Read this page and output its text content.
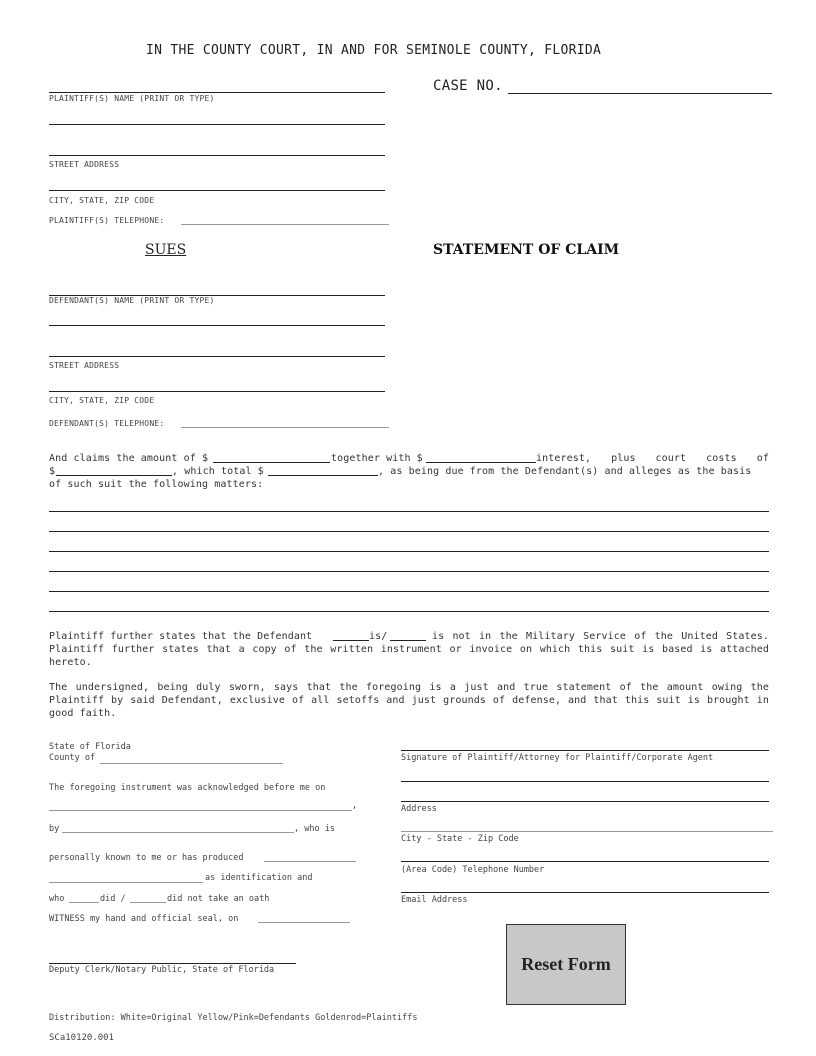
IN THE COUNTY COURT, IN AND FOR SEMINOLE COUNTY, FLORIDA
CASE NO.
PLAINTIFF(S) NAME (PRINT OR TYPE)
STREET ADDRESS
CITY, STATE, ZIP CODE
PLAINTIFF(S) TELEPHONE:
SUES	STATEMENT OF CLAIM
DEFENDANT(S) NAME (PRINT OR TYPE)
STREET ADDRESS
CITY, STATE, ZIP CODE
DEFENDANT(S) TELEPHONE:
And claims the amount of $	together with $	interest, plus court costs of
$	, which total $	, as being due from the Defendant(s) and alleges as the basis
of such suit the following matters:
Plaintiff further states that the Defendant	is/	is not in the Military Service of the United States.
Plaintiff further states that a copy of the written instrument or invoice on which this suit is based is attached hereto.
The undersigned, being duly sworn, says that the foregoing is a just and true statement of the amount owing the Plaintiff by said Defendant, exclusive of all setoffs and just grounds of defense, and that this suit is brought in good faith.
State of Florida
County of
The foregoing instrument was acknowledged before me on
,
by	, who is
personally known to me or has produced
as identification and
who	did /	did not take an oath
WITNESS my hand and official seal, on
Deputy Clerk/Notary Public, State of Florida
Signature of Plaintiff/Attorney for Plaintiff/Corporate Agent
Address
City - State - Zip Code
(Area Code) Telephone Number
Email Address
Reset Form
Distribution: White=Original Yellow/Pink=Defendants Goldenrod=Plaintiffs
SCa10120.001
